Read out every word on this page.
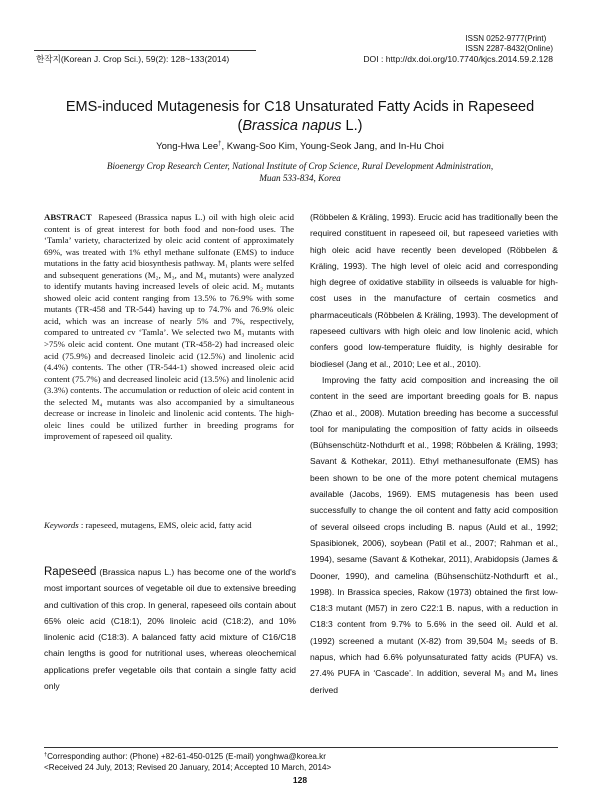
ISSN 0252-9777(Print)
ISSN 2287-8432(Online)
DOI : http://dx.doi.org/10.7740/kjcs.2014.59.2.128
한작지(Korean J. Crop Sci.), 59(2): 128~133(2014)
EMS-induced Mutagenesis for C18 Unsaturated Fatty Acids in Rapeseed
(Brassica napus L.)
Yong-Hwa Lee†, Kwang-Soo Kim, Young-Seok Jang, and In-Hu Choi
Bioenergy Crop Research Center, National Institute of Crop Science, Rural Development Administration,
Muan 533-834, Korea
ABSTRACT Rapeseed (Brassica napus L.) oil with high oleic acid content is of great interest for both food and non-food uses. The ‘Tamla’ variety, characterized by oleic acid content of approximately 69%, was treated with 1% ethyl methane sulfonate (EMS) to induce mutations in the fatty acid biosynthesis pathway. M₁ plants were selfed and subsequent generations (M₂, M₃, and M₄ mutants) were analyzed to identify mutants having increased levels of oleic acid. M₂ mutants showed oleic acid content ranging from 13.5% to 76.9% with some mutants (TR-458 and TR-544) having up to 74.7% and 76.9% oleic acid, which was an increase of nearly 5% and 7%, respectively, compared to untreated cv ‘Tamla’. We selected two M₃ mutants with >75% oleic acid content. One mutant (TR-458-2) had increased oleic acid (75.9%) and decreased linoleic acid (12.5%) and linolenic acid (4.4%) contents. The other (TR-544-1) showed increased oleic acid content (75.7%) and decreased linoleic acid (13.5%) and linolenic acid (3.3%) contents. The accumulation or reduction of oleic acid content in the selected M₄ mutants was also accompanied by a simultaneous decrease or increase in linoleic and linolenic acid contents. The high-oleic lines could be utilized further in breeding programs for improvement of rapeseed oil quality.
Keywords : rapeseed, mutagens, EMS, oleic acid, fatty acid
Rapeseed (Brassica napus L.) has become one of the world's most important sources of vegetable oil due to extensive breeding and cultivation of this crop. In general, rapeseed oils contain about 65% oleic acid (C18:1), 20% linoleic acid (C18:2), and 10% linolenic acid (C18:3). A balanced fatty acid mixture of C16/C18 chain lengths is good for nutritional uses, whereas oleochemical applications prefer vegetable oils that contain a single fatty acid only

(Röbbelen & Kräling, 1993). Erucic acid has traditionally been the required constituent in rapeseed oil, but rapeseed varieties with high oleic acid have recently been developed (Röbbelen & Kräling, 1993). The high level of oleic acid and corresponding high degree of oxidative stability in oilseeds is valuable for high-cost uses in the manufacture of certain cosmetics and pharmaceuticals (Röbbelen & Kräling, 1993). The development of rapeseed cultivars with high oleic and low linolenic acid, which confers good low-temperature fluidity, is highly desirable for biodiesel (Jang et al., 2010; Lee et al., 2010).

Improving the fatty acid composition and increasing the oil content in the seed are important breeding goals for B. napus (Zhao et al., 2008). Mutation breeding has become a successful tool for manipulating the composition of fatty acids in oilseeds (Bühsenschütz-Nothdurft et al., 1998; Röbbelen & Kräling, 1993; Savant & Kothekar, 2011). Ethyl methanesulfonate (EMS) has been shown to be one of the more potent chemical mutagens available (Jacobs, 1969). EMS mutagenesis has been used successfully to change the oil content and fatty acid composition of several oilseed crops including B. napus (Auld et al., 1992; Spasibionek, 2006), soybean (Patil et al., 2007; Rahman et al., 1994), sesame (Savant & Kothekar, 2011), Arabidopsis (James & Dooner, 1990), and camelina (Bühsenschütz-Nothdurft et al., 1998). In Brassica species, Rakow (1973) obtained the first low-C18:3 mutant (M57) in zero C22:1 B. napus, with a reduction in C18:3 content from 9.7% to 5.6% in the seed oil. Auld et al. (1992) screened a mutant (X-82) from 39,504 M₂ seeds of B. napus, which had 6.6% polyunsaturated fatty acids (PUFA) vs. 27.4% PUFA in ‘Cascade’. In addition, several M₃ and M₄ lines derived

†Corresponding author: (Phone) +82-61-450-0125 (E-mail) yonghwa@korea.kr
<Received 24 July, 2013; Revised 20 January, 2014; Accepted 10 March, 2014>
128
